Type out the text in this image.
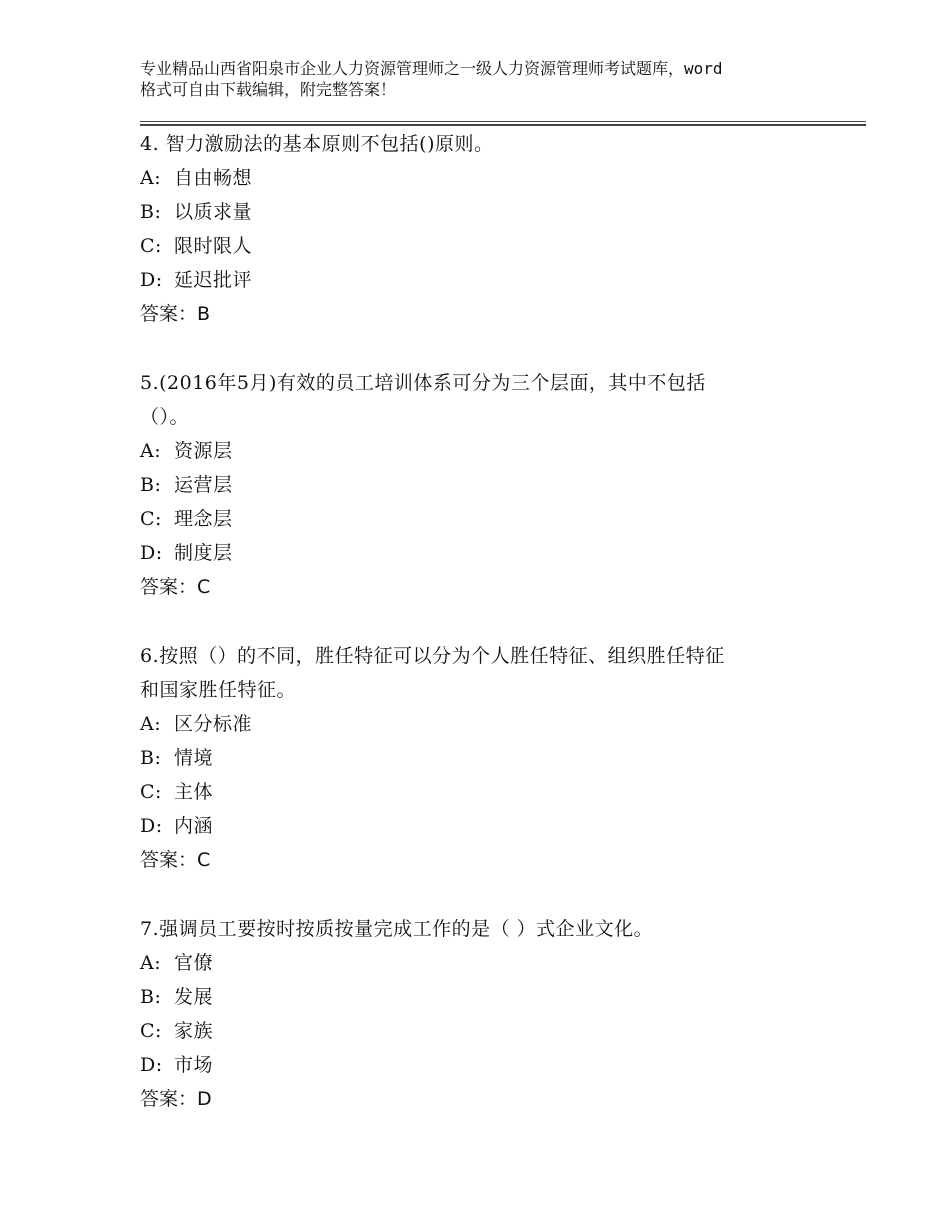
专业精品山西省阳泉市企业人力资源管理师之一级人力资源管理师考试题库，word
格式可自由下载编辑，附完整答案！
4. 智力激励法的基本原则不包括()原则。
A: 自由畅想
B: 以质求量
C: 限时限人
D: 延迟批评
答案：B
5.(2016年5月)有效的员工培训体系可分为三个层面，其中不包括
（）。
A: 资源层
B: 运营层
C: 理念层
D: 制度层
答案：C
6.按照（）的不同，胜任特征可以分为个人胜任特征、组织胜任特征
和国家胜任特征。
A: 区分标准
B: 情境
C: 主体
D: 内涵
答案：C
7.强调员工要按时按质按量完成工作的是（ ）式企业文化。
A: 官僚
B: 发展
C: 家族
D: 市场
答案：D
